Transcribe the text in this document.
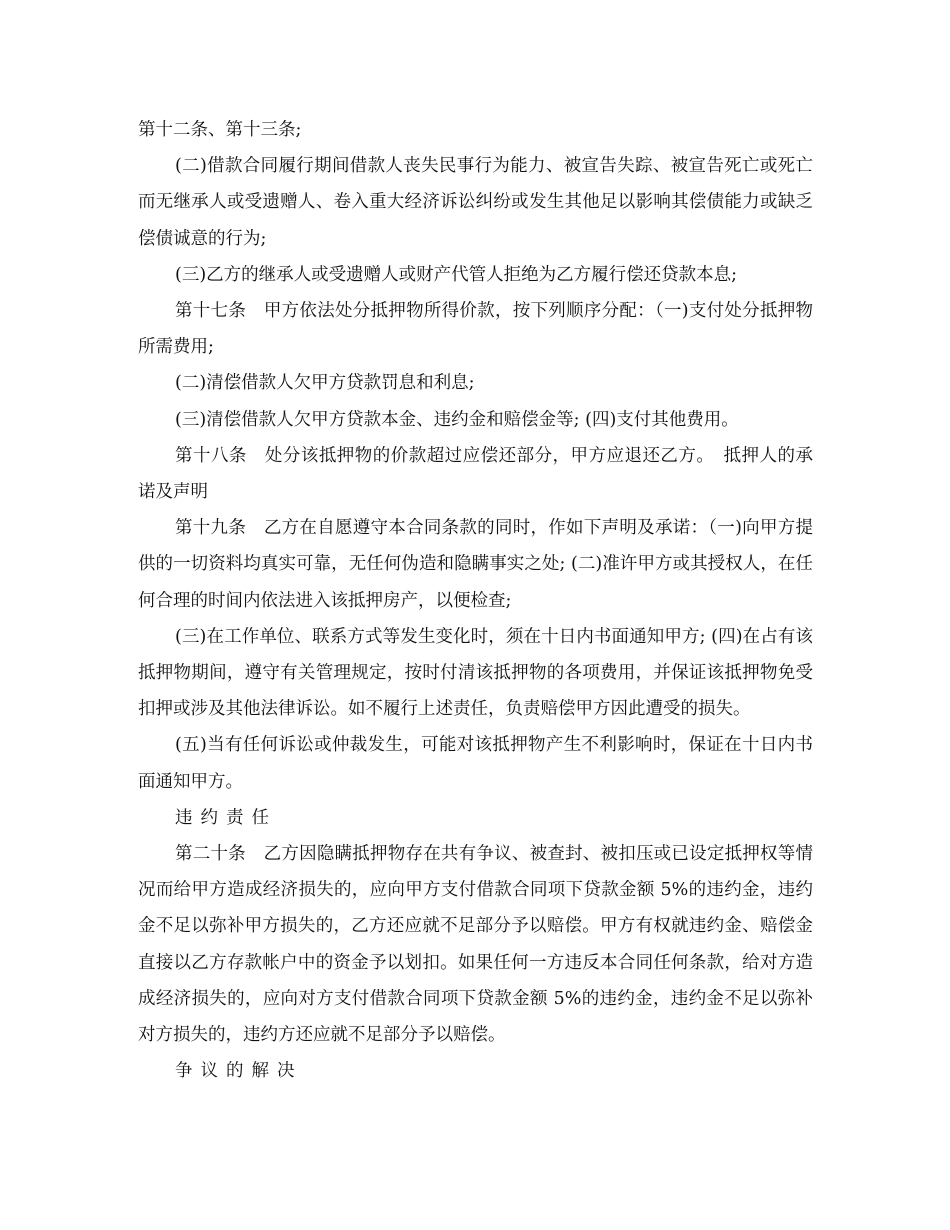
第十二条、第十三条;

(二)借款合同履行期间借款人丧失民事行为能力、被宣告失踪、被宣告死亡或死亡而无继承人或受遗赠人、卷入重大经济诉讼纠纷或发生其他足以影响其偿债能力或缺乏偿债诚意的行为;

(三)乙方的继承人或受遗赠人或财产代管人拒绝为乙方履行偿还贷款本息;

第十七条　甲方依法处分抵押物所得价款，按下列顺序分配：（一)支付处分抵押物所需费用;

(二)清偿借款人欠甲方贷款罚息和利息;

(三)清偿借款人欠甲方贷款本金、违约金和赔偿金等; (四)支付其他费用。

第十八条　处分该抵押物的价款超过应偿还部分，甲方应退还乙方。　抵押人的承诺及声明

第十九条　乙方在自愿遵守本合同条款的同时，作如下声明及承诺：（一)向甲方提供的一切资料均真实可靠，无任何伪造和隐瞒事实之处; (二)准许甲方或其授权人，在任何合理的时间内依法进入该抵押房产，以便检查;

(三)在工作单位、联系方式等发生变化时，须在十日内书面通知甲方; (四)在占有该抵押物期间，遵守有关管理规定，按时付清该抵押物的各项费用，并保证该抵押物免受扣押或涉及其他法律诉讼。如不履行上述责任，负责赔偿甲方因此遭受的损失。

(五)当有任何诉讼或仲裁发生，可能对该抵押物产生不利影响时，保证在十日内书面通知甲方。

违约责任

第二十条　乙方因隐瞒抵押物存在共有争议、被查封、被扣压或已设定抵押权等情况而给甲方造成经济损失的，应向甲方支付借款合同项下贷款金额 5%的违约金，违约金不足以弥补甲方损失的，乙方还应就不足部分予以赔偿。甲方有权就违约金、赔偿金直接以乙方存款帐户中的资金予以划扣。如果任何一方违反本合同任何条款，给对方造成经济损失的，应向对方支付借款合同项下贷款金额 5%的违约金，违约金不足以弥补对方损失的，违约方还应就不足部分予以赔偿。

争议的解决
